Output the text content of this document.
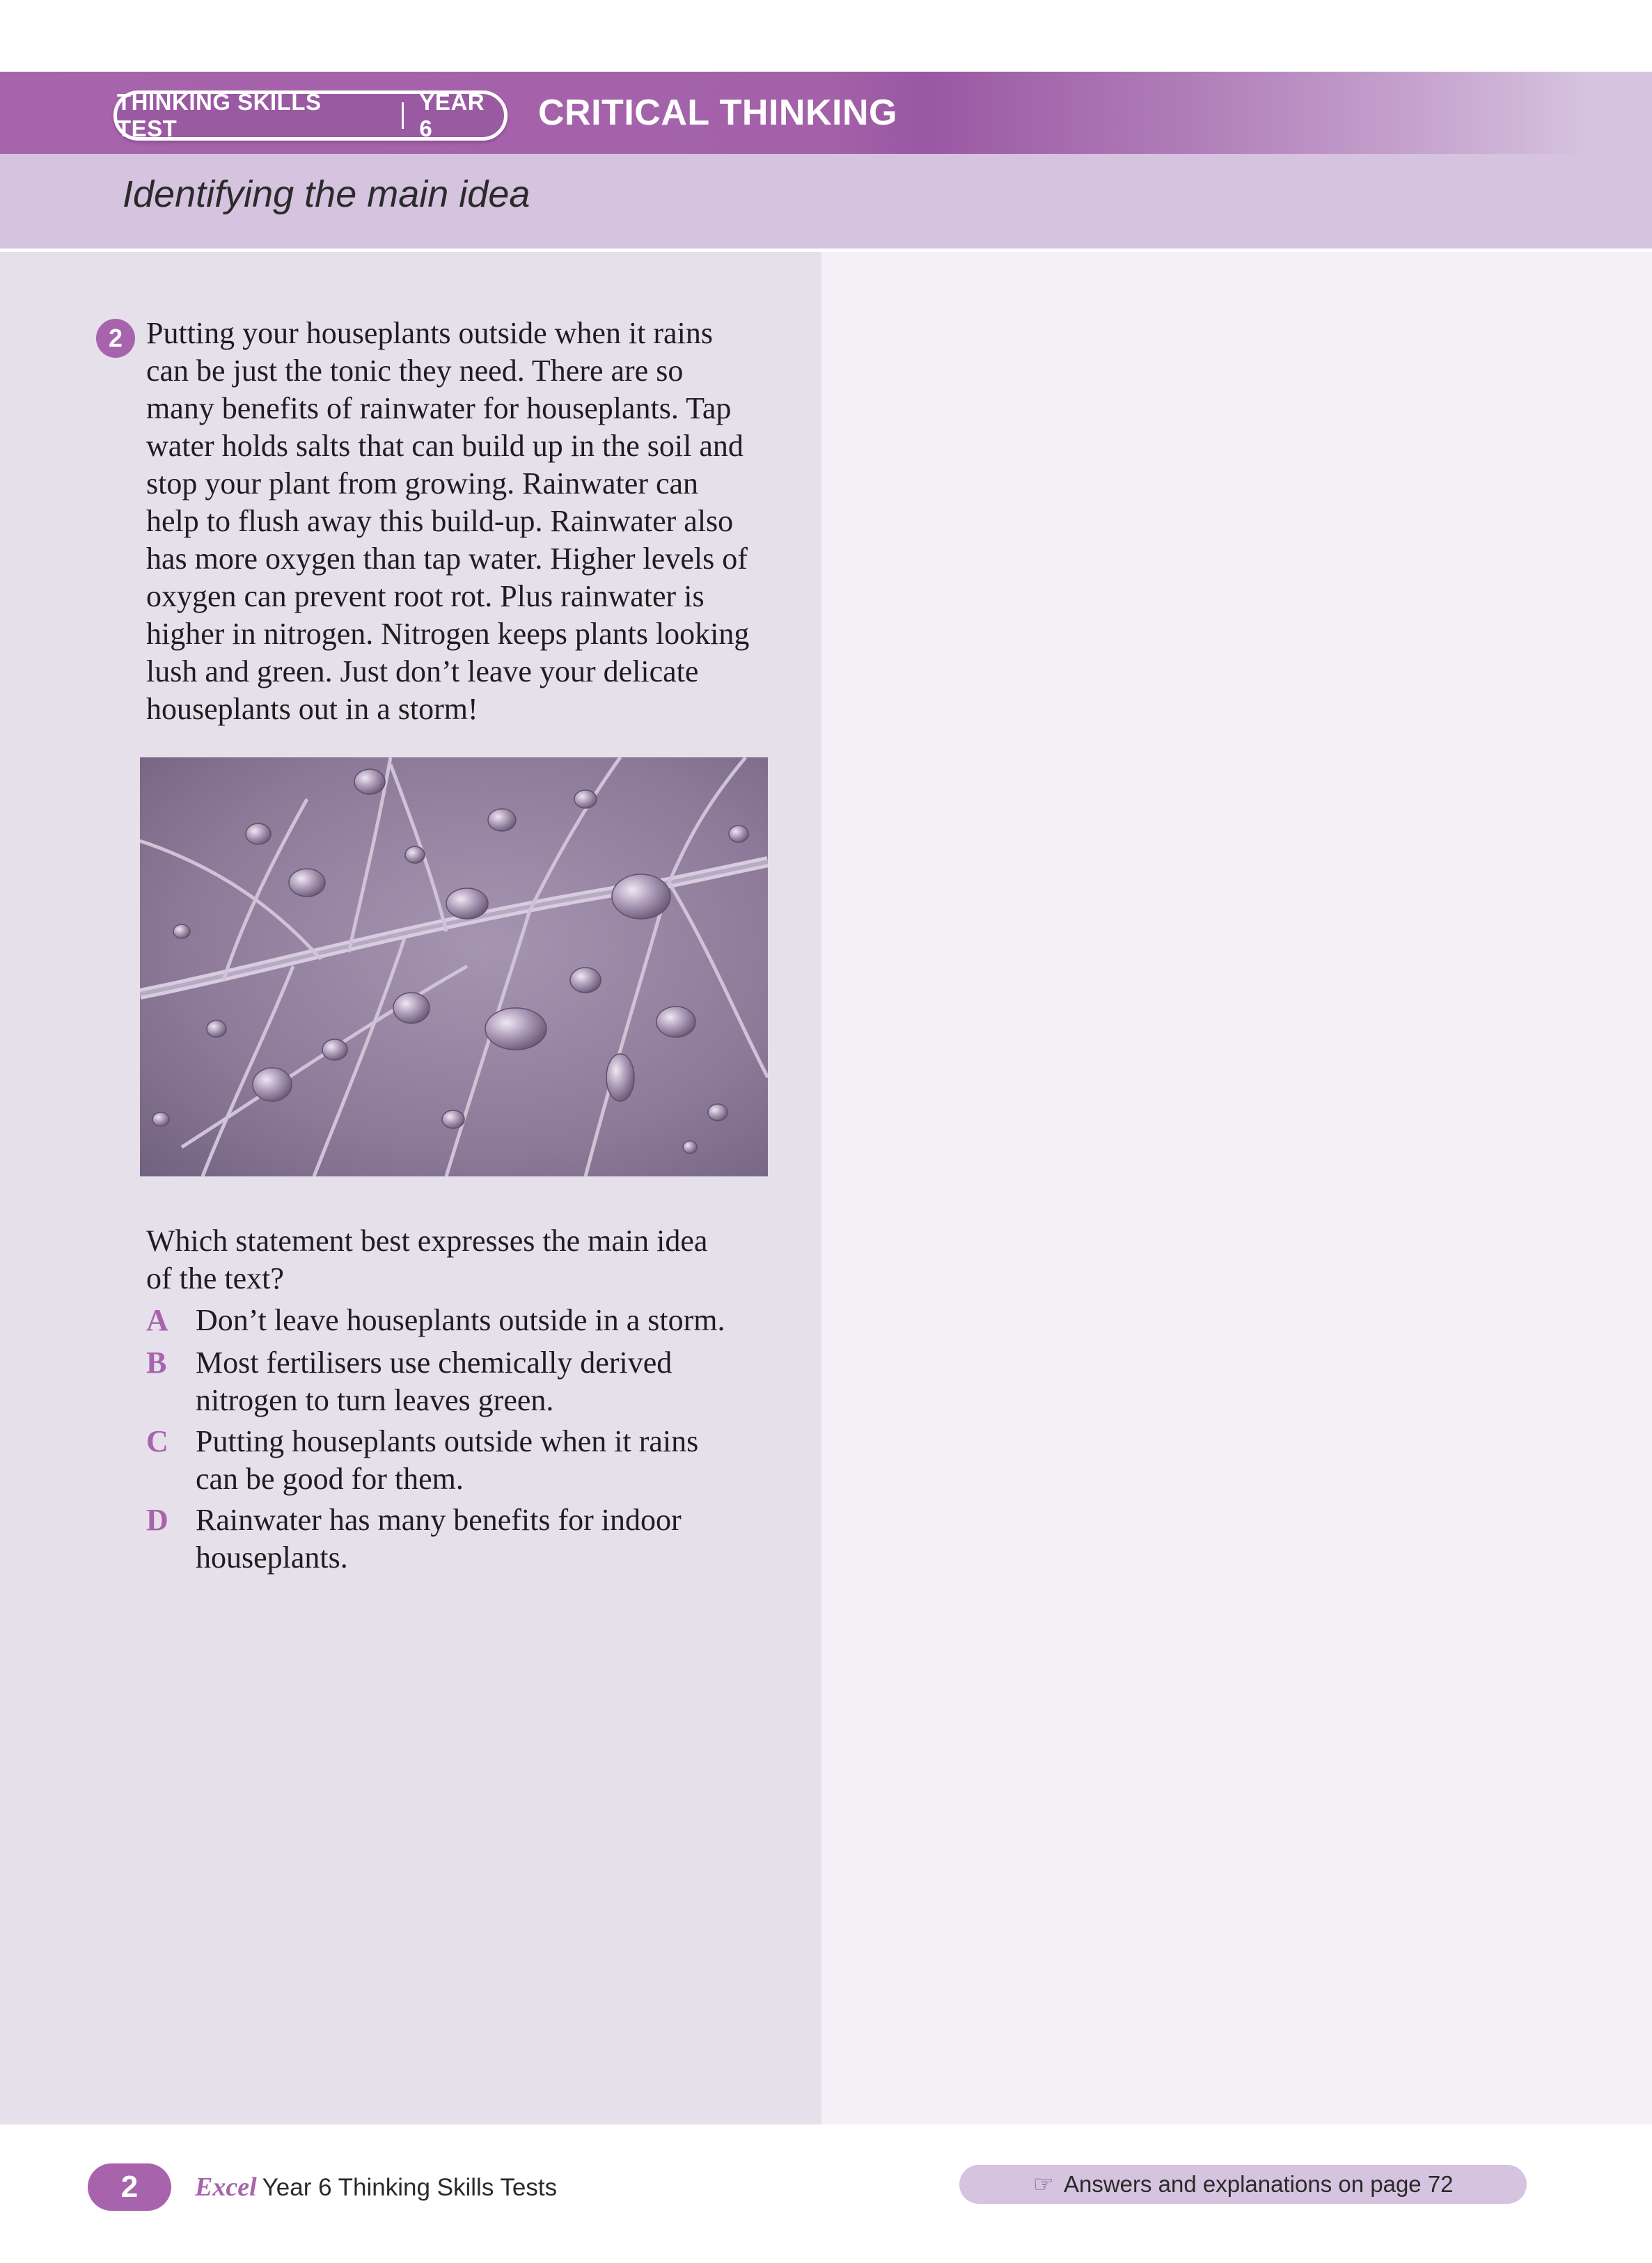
THINKING SKILLS TEST
YEAR 6	CRITICAL THINKING
Identifying the main idea
2 Putting your houseplants outside when it rains
can be just the tonic they need. There are so
many benefits of rainwater for houseplants. Tap
water holds salts that can build up in the soil and
stop your plant from growing. Rainwater can
help to flush away this build-up. Rainwater also
has more oxygen than tap water. Higher levels of
oxygen can prevent root rot. Plus rainwater is
higher in nitrogen. Nitrogen keeps plants looking
lush and green. Just don’t leave your delicate
houseplants out in a storm!

Which statement best expresses the main idea
of the text?

A Don’t leave houseplants outside in a storm.
B Most fertilisers use chemically derived
nitrogen to turn leaves green.
C Putting houseplants outside when it rains
can be good for them.
D Rainwater has many benefits for indoor
houseplants.
2	Excel Year 6 Thinking Skills Tests	☞ Answers and explanations on page 72
